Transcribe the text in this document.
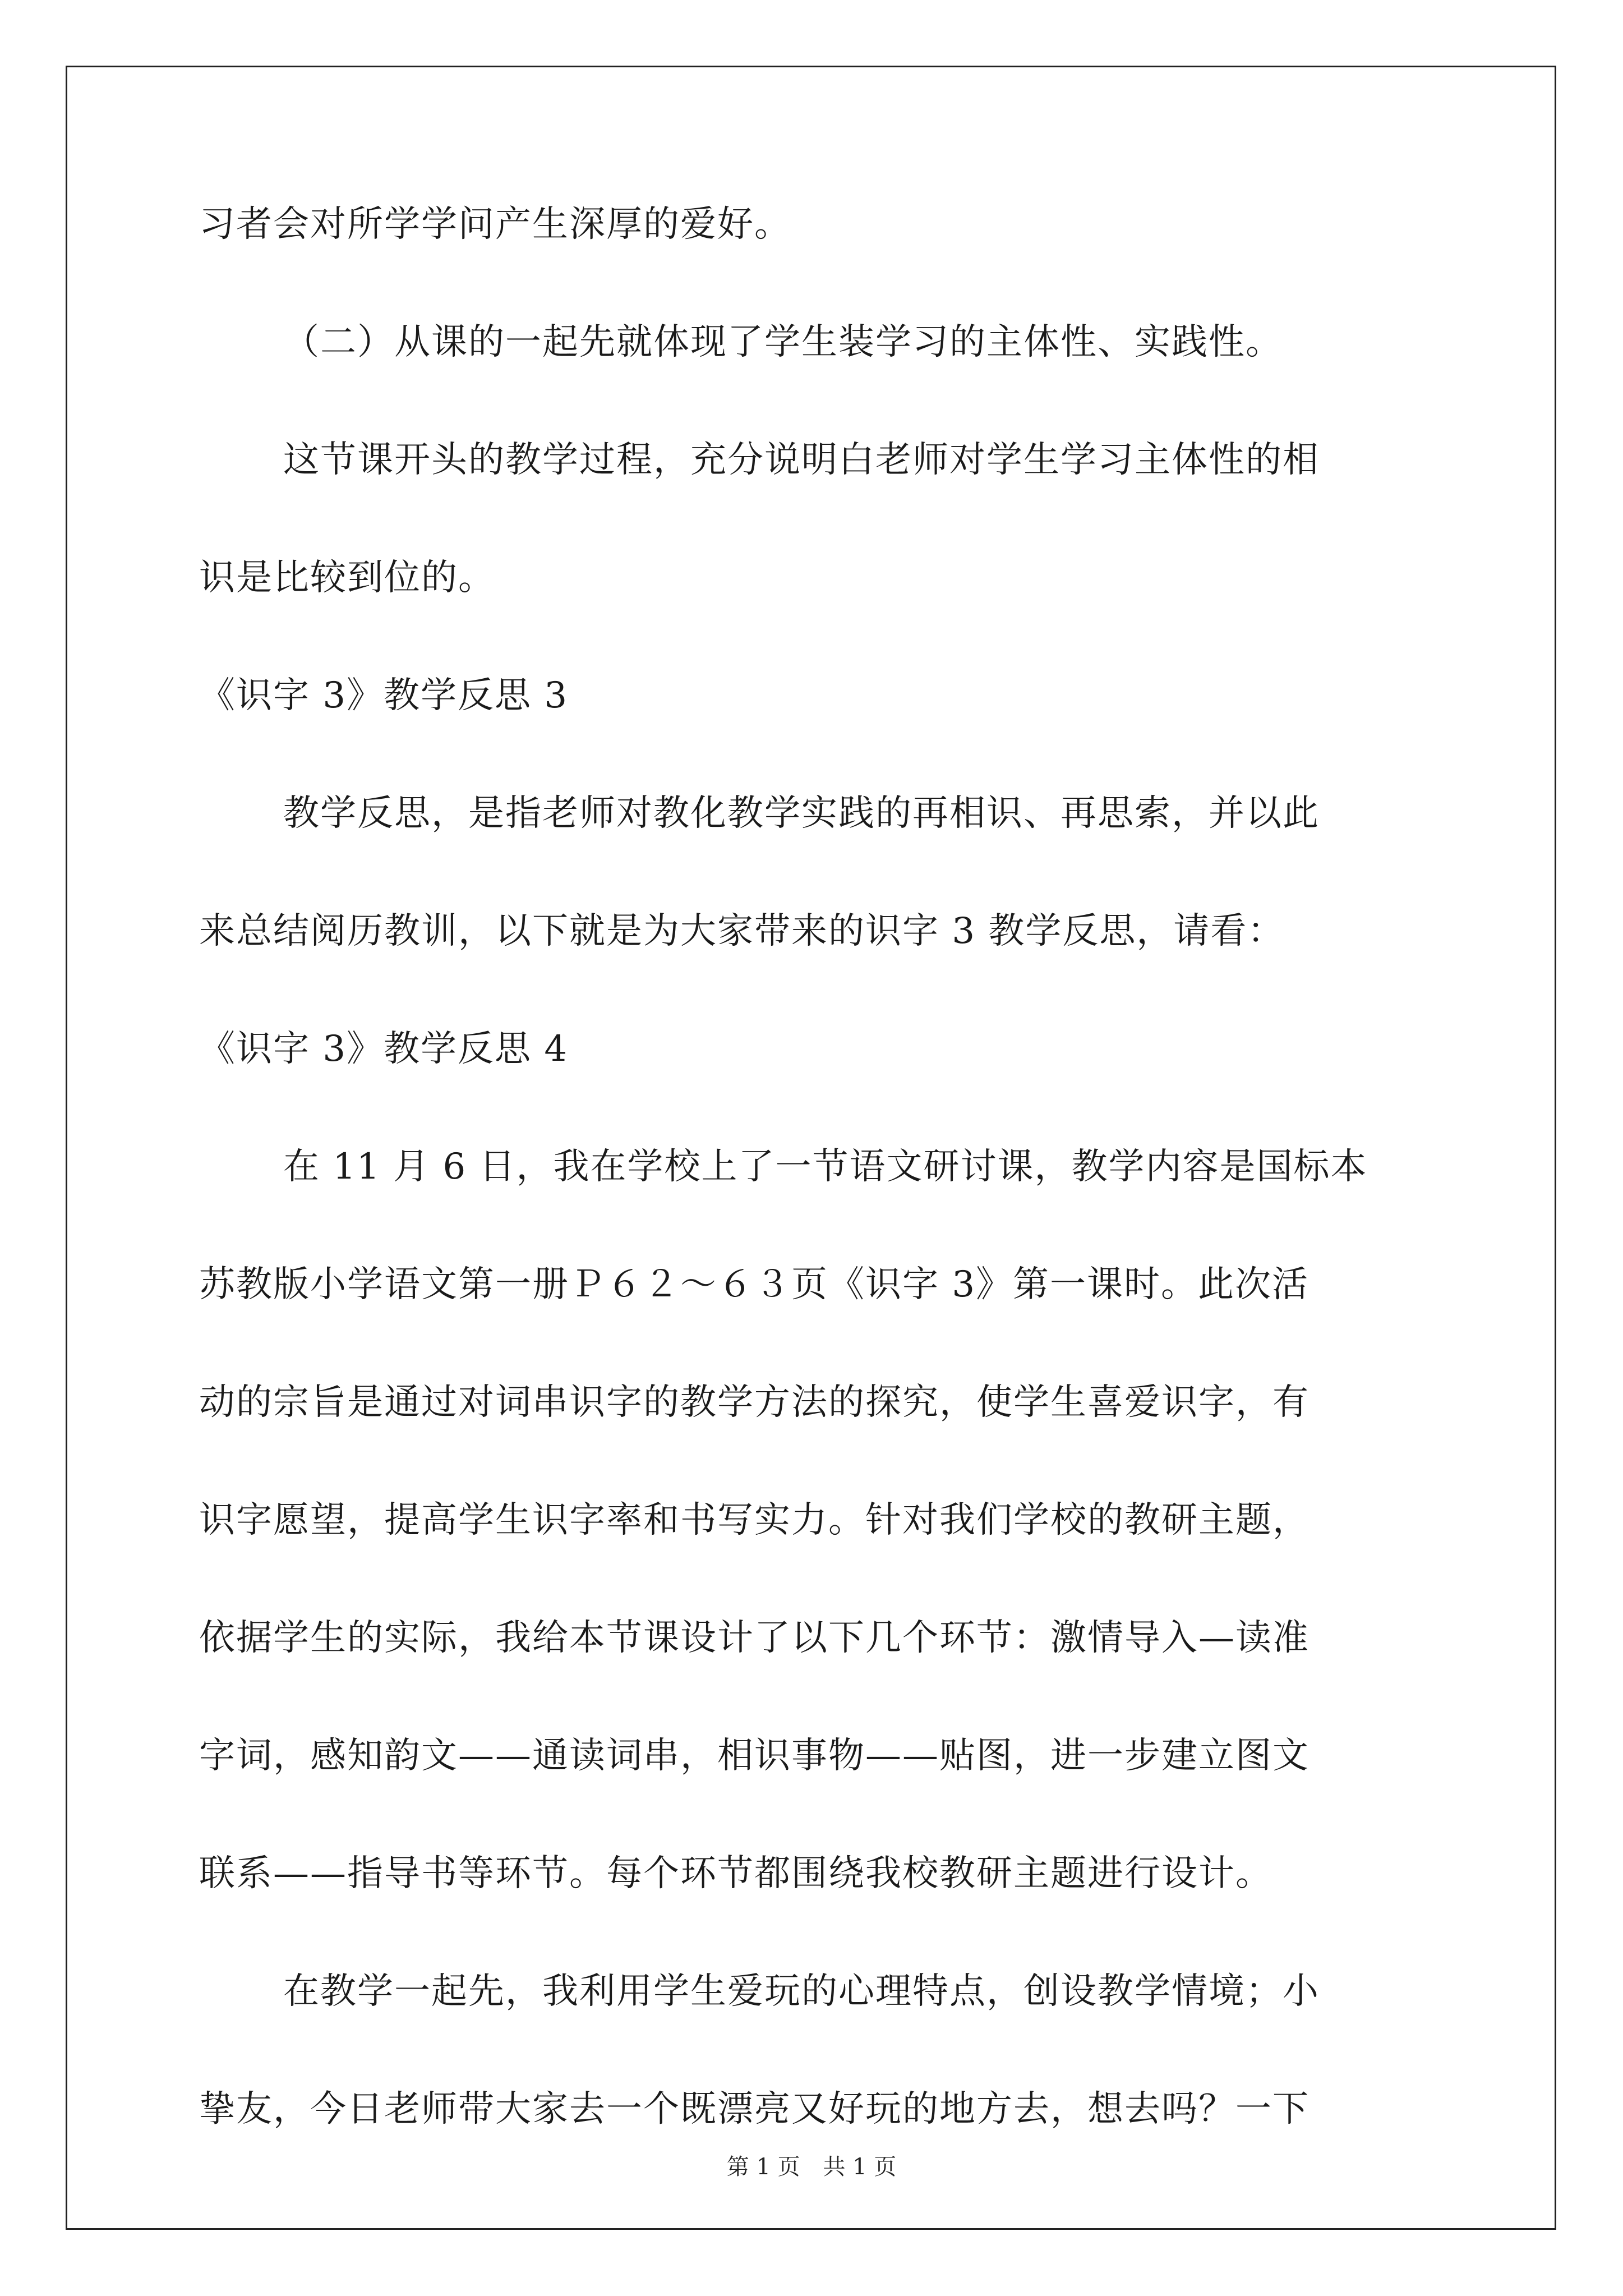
习者会对所学学问产生深厚的爱好。
（二）从课的一起先就体现了学生装学习的主体性、实践性。
这节课开头的教学过程，充分说明白老师对学生学习主体性的相
识是比较到位的。
《识字 3》教学反思 3
教学反思，是指老师对教化教学实践的再相识、再思索，并以此
来总结阅历教训，以下就是为大家带来的识字 3 教学反思，请看：
《识字 3》教学反思 4
在 11 月 6 日，我在学校上了一节语文研讨课，教学内容是国标本
苏教版小学语文第一册Ｐ６２～６３页《识字 3》第一课时。此次活
动的宗旨是通过对词串识字的教学方法的探究，使学生喜爱识字，有
识字愿望，提高学生识字率和书写实力。针对我们学校的教研主题，
依据学生的实际，我给本节课设计了以下几个环节：激情导入—读准
字词，感知韵文——通读词串，相识事物——贴图，进一步建立图文
联系——指导书等环节。每个环节都围绕我校教研主题进行设计。
在教学一起先，我利用学生爱玩的心理特点，创设教学情境；小
挚友，今日老师带大家去一个既漂亮又好玩的地方去，想去吗？一下
第 1 页 共 1 页
